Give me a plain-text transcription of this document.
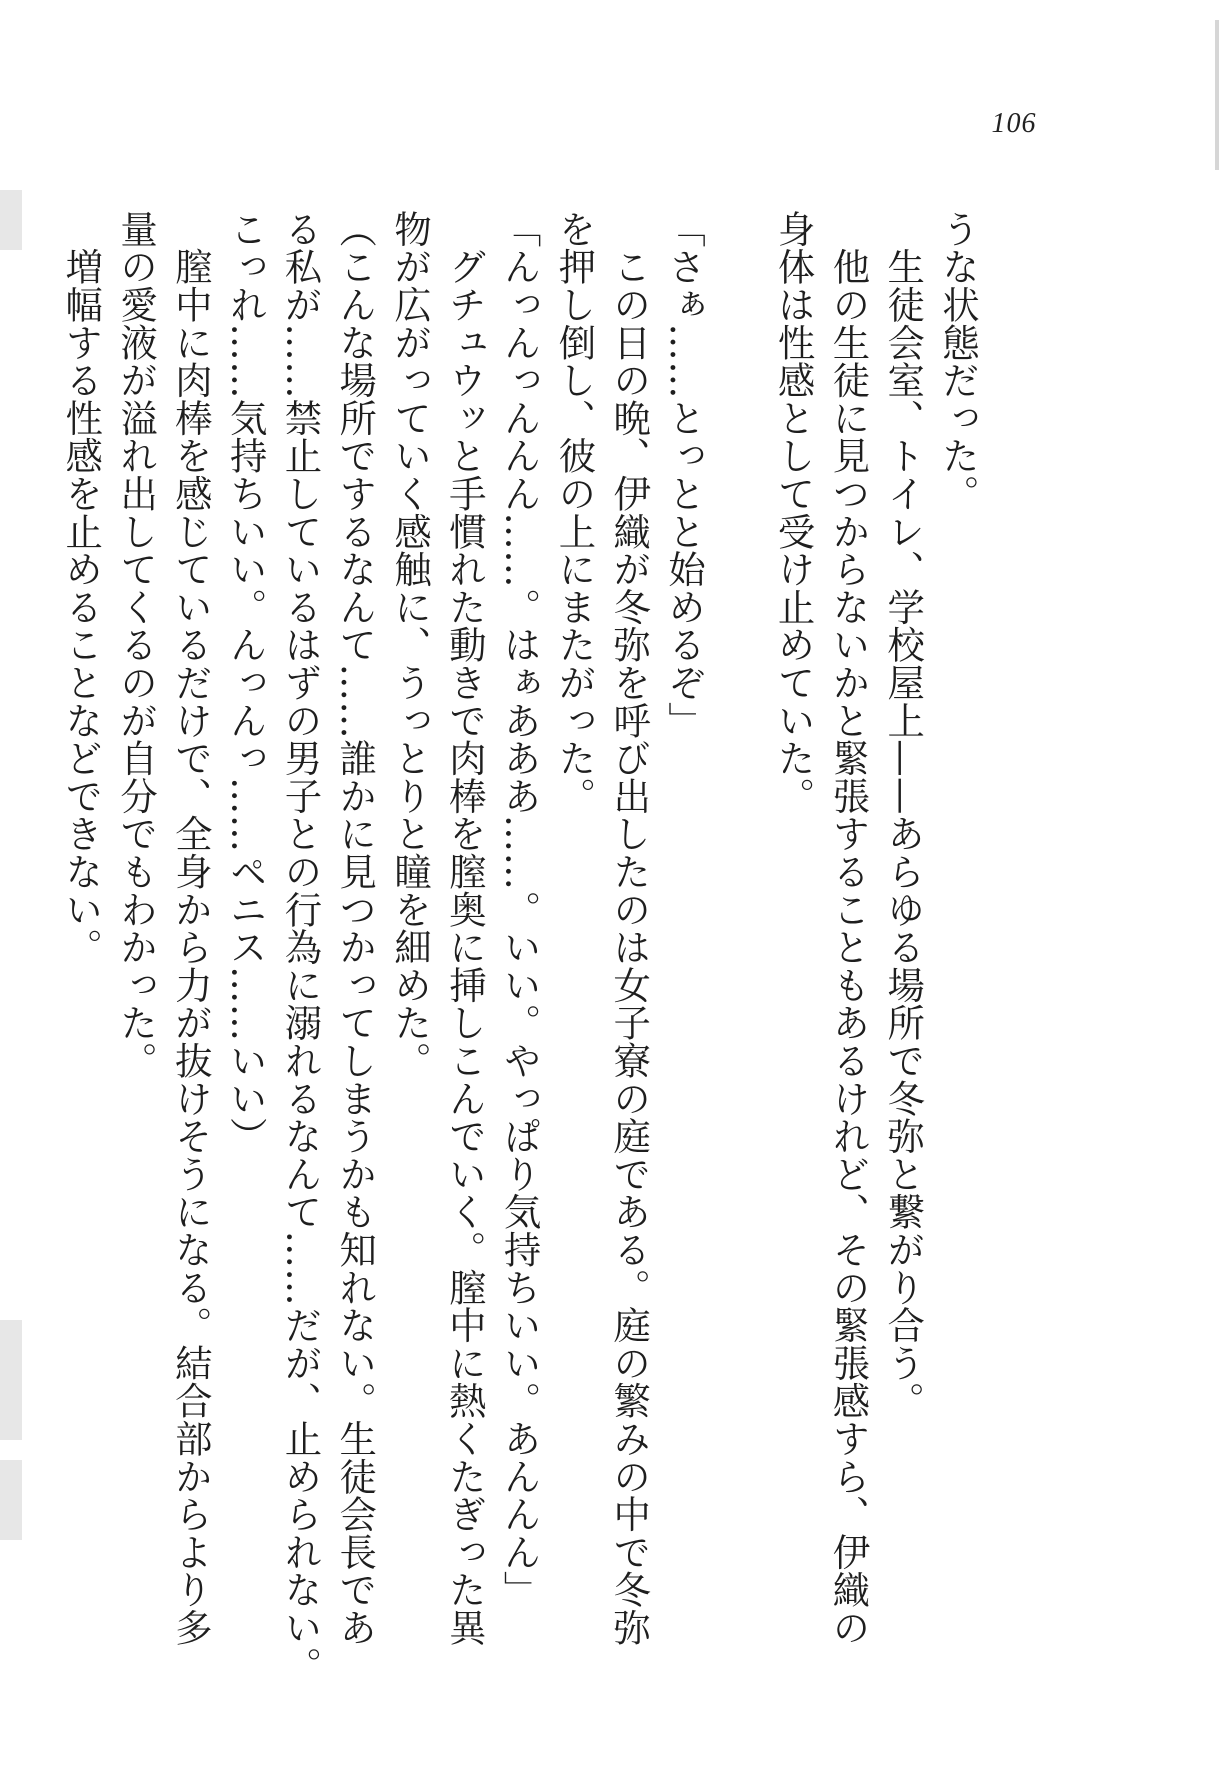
106
うな状態だった。
　生徒会室、トイレ、学校屋上——あらゆる場所で冬弥と繋がり合う。
　他の生徒に見つからないかと緊張することもあるけれど、その緊張感すら、伊織の
身体は性感として受け止めていた。
「さぁ……とっとと始めるぞ」
　この日の晩、伊織が冬弥を呼び出したのは女子寮の庭である。庭の繁みの中で冬弥
を押し倒し、彼の上にまたがった。
「んっんっんんん……。はぁあああ……。いい。やっぱり気持ちいい。あんんん」
　グチュウッと手慣れた動きで肉棒を膣奥に挿しこんでいく。膣中に熱くたぎった異
物が広がっていく感触に、うっとりと瞳を細めた。
（こんな場所でするなんて……誰かに見つかってしまうかも知れない。生徒会長であ
る私が……禁止しているはずの男子との行為に溺れるなんて……だが、止められない。
こっれ……気持ちいい。んっんっ……ペニス……いい）
　膣中に肉棒を感じているだけで、全身から力が抜けそうになる。結合部からより多
量の愛液が溢れ出してくるのが自分でもわかった。
　増幅する性感を止めることなどできない。
